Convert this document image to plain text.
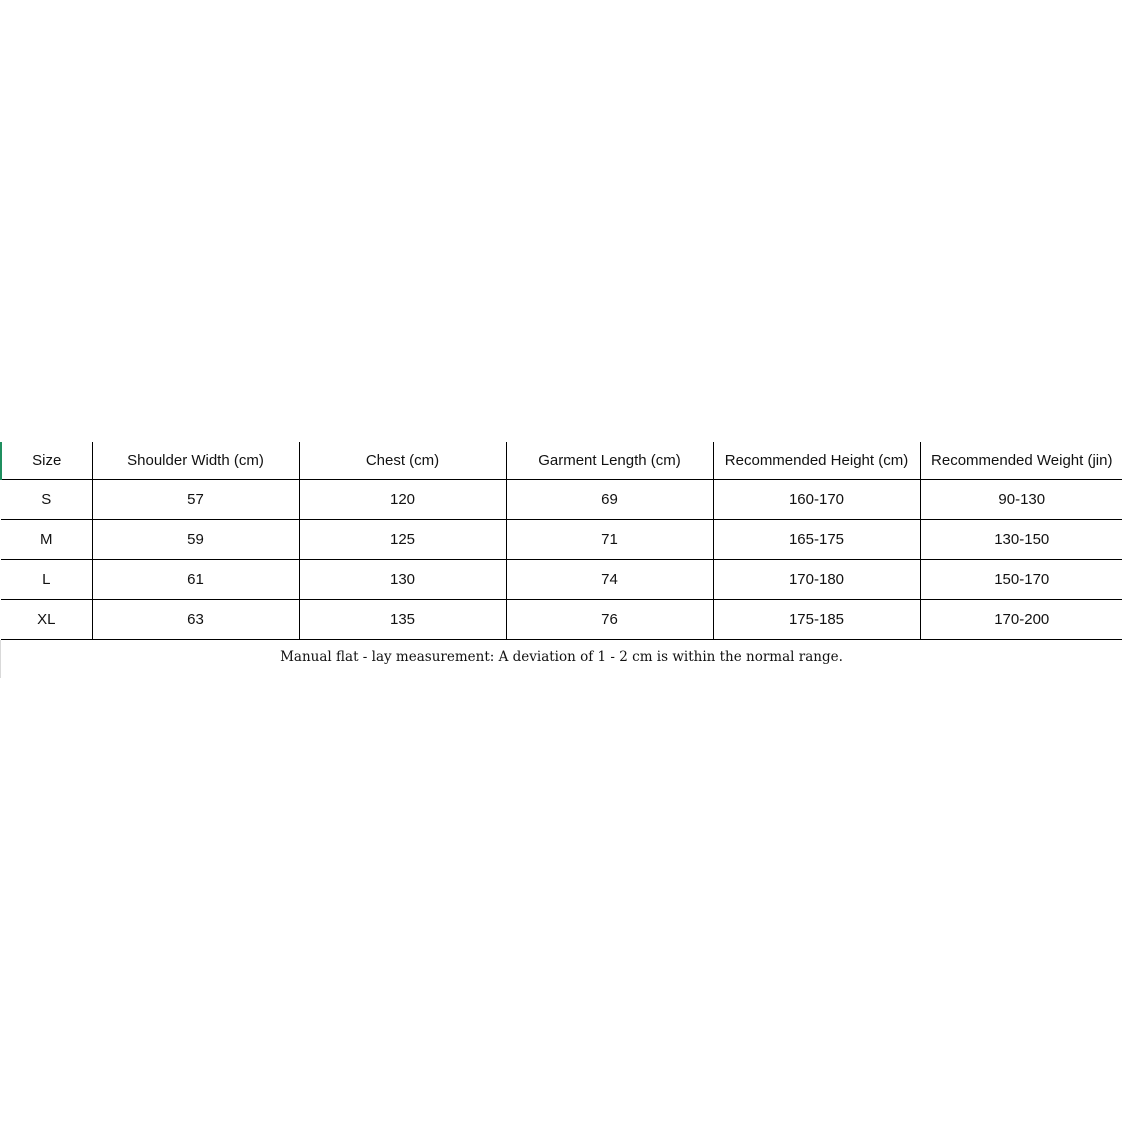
Size	Shoulder Width (cm)	Chest (cm)	Garment Length (cm)	Recommended Height (cm)	Recommended Weight (jin)
S	57	120	69	160-170	90-130
M	59	125	71	165-175	130-150
L	61	130	74	170-180	150-170
XL	63	135	76	175-185	170-200
Manual flat - lay measurement: A deviation of 1 - 2 cm is within the normal range.
